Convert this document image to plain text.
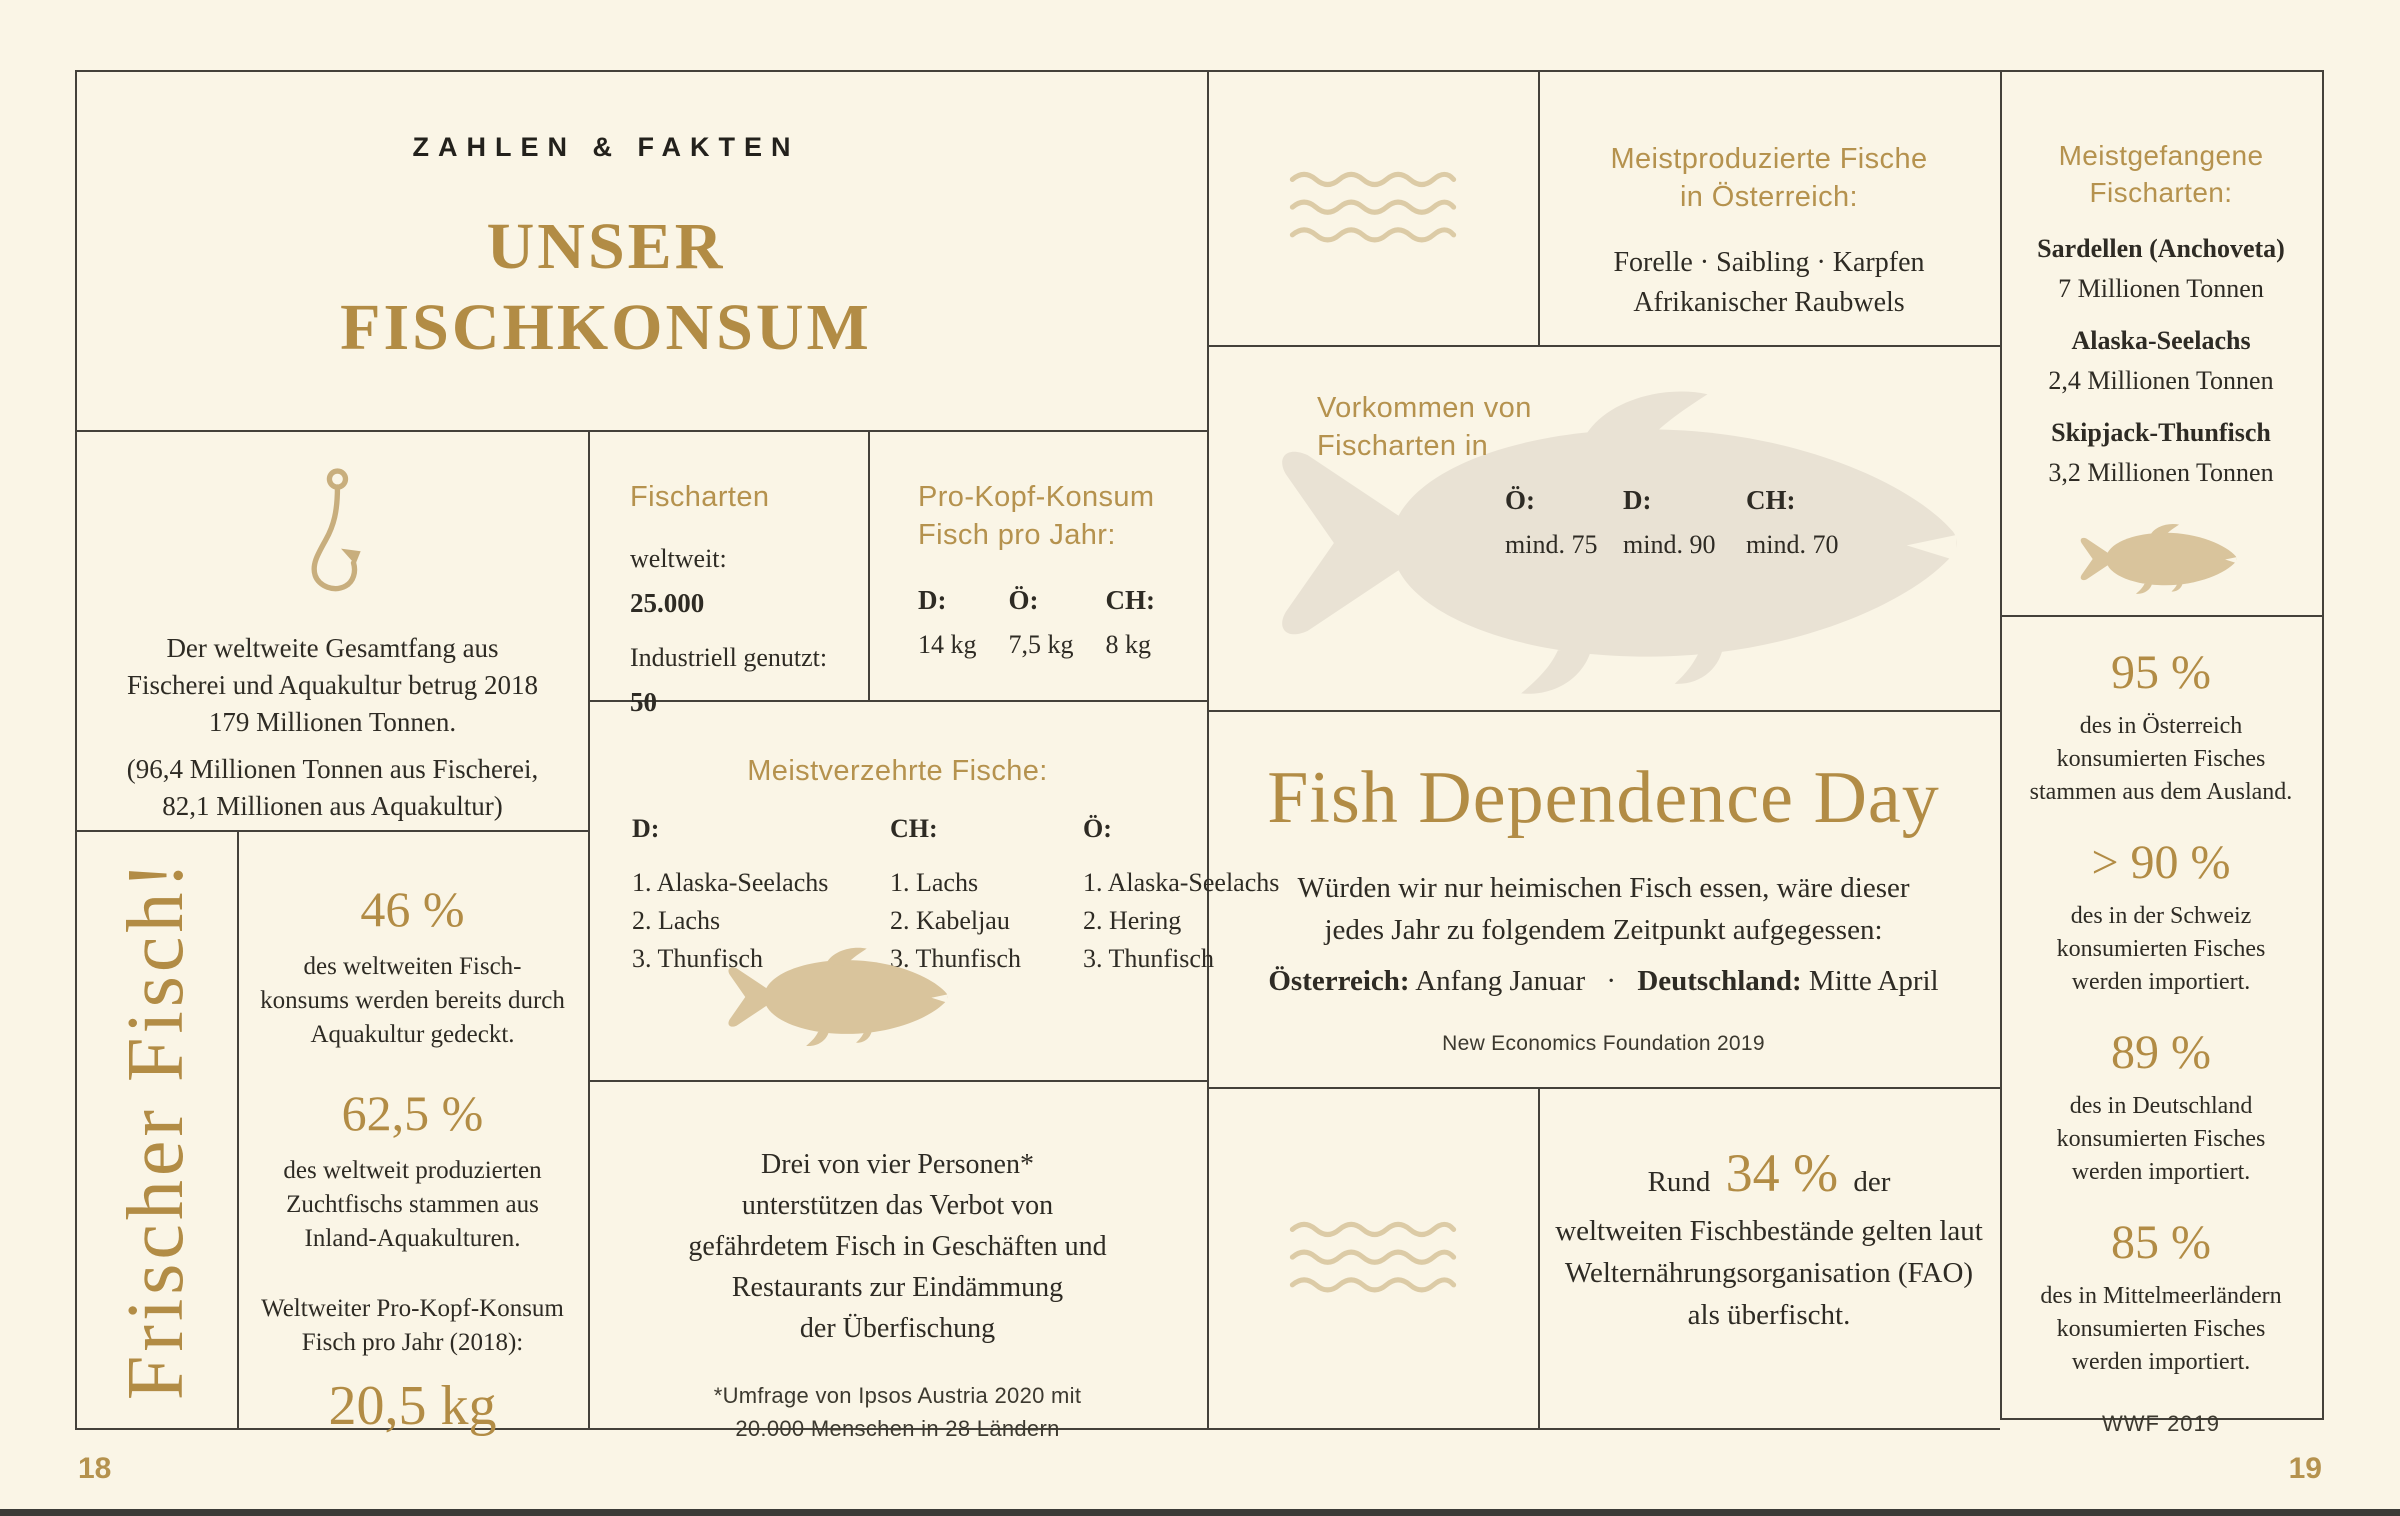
ZAHLEN & FAKTEN
UNSER
FISCHKONSUM
Der weltweite Gesamtfang aus
Fischerei und Aquakultur betrug 2018
179 Millionen Tonnen.
(96,4 Millionen Tonnen aus Fischerei,
82,1 Millionen aus Aquakultur)
Fischarten
weltweit:
25.000
Industriell genutzt:
50
Pro-Kopf-Konsum
Fisch pro Jahr:
D:
14 kg
Ö:
7,5 kg
CH:
8 kg
Meistverzehrte Fische:
D:
1. Alaska-Seelachs
2. Lachs
3. Thunfisch
CH:
1. Lachs
2. Kabeljau
3. Thunfisch
Ö:
1. Alaska-Seelachs
2. Hering
3. Thunfisch
Drei von vier Personen*
unterstützen das Verbot von
gefährdetem Fisch in Geschäften und
Restaurants zur Eindämmung
der Überfischung
*Umfrage von Ipsos Austria 2020 mit
20.000 Menschen in 28 Ländern
Frischer Fisch!	46 %
des weltweiten Fisch-
konsums werden bereits durch
Aquakultur gedeckt.
62,5 %
des weltweit produzierten
Zuchtfischs stammen aus
Inland-Aquakulturen.
Weltweiter Pro-Kopf-Konsum
Fisch pro Jahr (2018):
20,5 kg
Meistproduzierte Fische
in Österreich:
Forelle · Saibling · Karpfen
Afrikanischer Raubwels
Vorkommen von
Fischarten in
Ö:
mind. 75
D:
mind. 90
CH:
mind. 70
Fish Dependence Day
Würden wir nur heimischen Fisch essen, wäre dieser
jedes Jahr zu folgendem Zeitpunkt aufgegessen:
Österreich: Anfang Januar · Deutschland: Mitte April
New Economics Foundation 2019
Rund 34 % der
weltweiten Fischbestände gelten laut
Welternährungsorganisation (FAO)
als überfischt.
Meistgefangene
Fischarten:
Sardellen (Anchoveta)
7 Millionen Tonnen
Alaska-Seelachs
2,4 Millionen Tonnen
Skipjack-Thunfisch
3,2 Millionen Tonnen
95 %
des in Österreich
konsumierten Fisches
stammen aus dem Ausland.
> 90 %
des in der Schweiz
konsumierten Fisches
werden importiert.
89 %
des in Deutschland
konsumierten Fisches
werden importiert.
85 %
des in Mittelmeerländern
konsumierten Fisches
werden importiert.
WWF 2019
18	19
